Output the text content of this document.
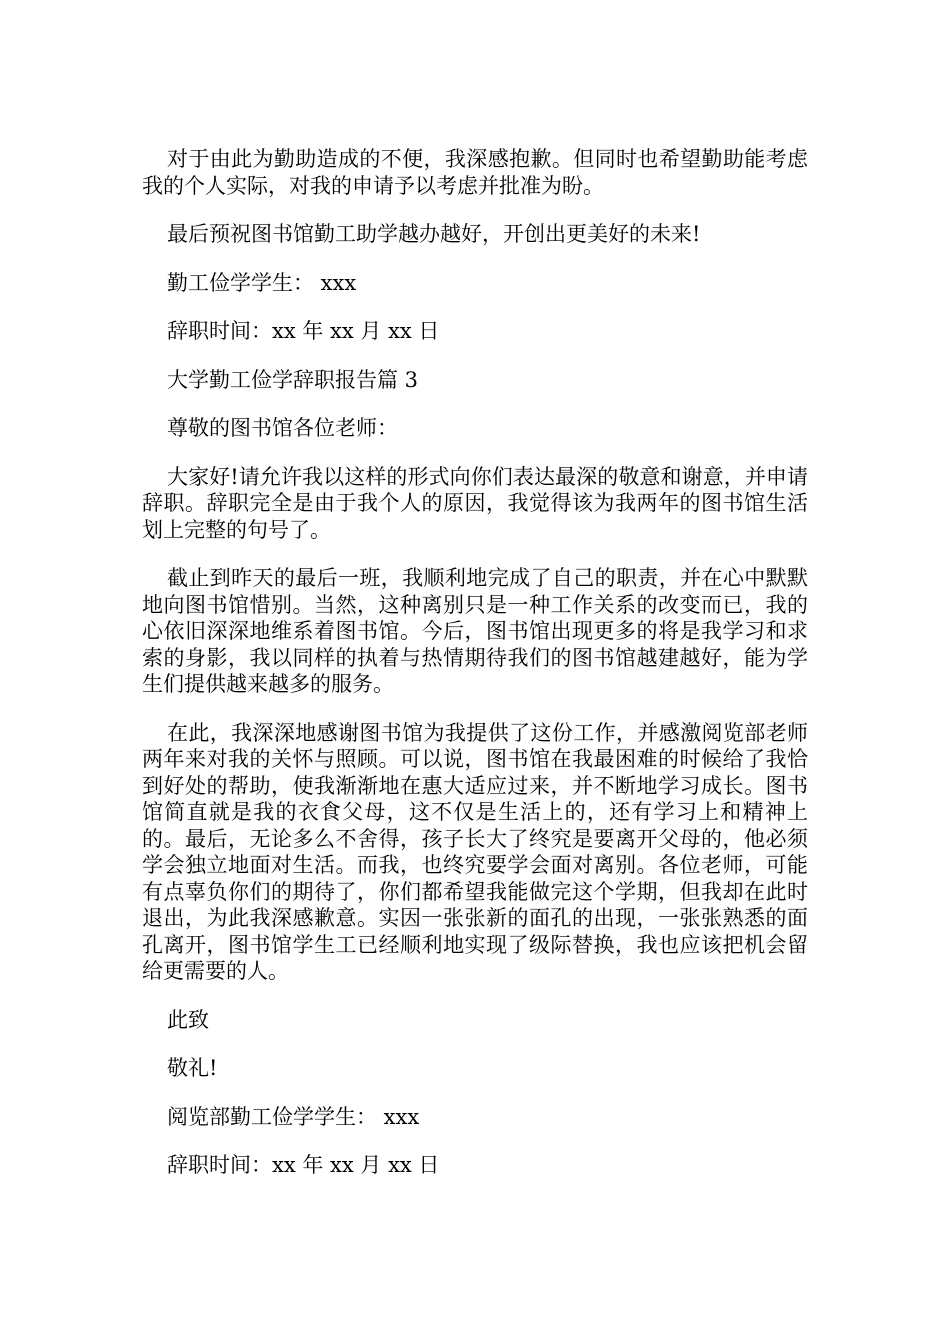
对于由此为勤助造成的不便，我深感抱歉。但同时也希望勤助能考虑我的个人实际，对我的申请予以考虑并批准为盼。

最后预祝图书馆勤工助学越办越好，开创出更美好的未来!

勤工俭学学生： xxx

辞职时间：xx 年 xx 月 xx 日

大学勤工俭学辞职报告篇 3

尊敬的图书馆各位老师：

大家好!请允许我以这样的形式向你们表达最深的敬意和谢意，并申请辞职。辞职完全是由于我个人的原因，我觉得该为我两年的图书馆生活划上完整的句号了。

截止到昨天的最后一班，我顺利地完成了自己的职责，并在心中默默地向图书馆惜别。当然，这种离别只是一种工作关系的改变而已，我的心依旧深深地维系着图书馆。今后，图书馆出现更多的将是我学习和求索的身影，我以同样的执着与热情期待我们的图书馆越建越好，能为学生们提供越来越多的服务。

在此，我深深地感谢图书馆为我提供了这份工作，并感激阅览部老师两年来对我的关怀与照顾。可以说，图书馆在我最困难的时候给了我恰到好处的帮助，使我渐渐地在惠大适应过来，并不断地学习成长。图书馆简直就是我的衣食父母，这不仅是生活上的，还有学习上和精神上的。最后，无论多么不舍得，孩子长大了终究是要离开父母的，他必须学会独立地面对生活。而我，也终究要学会面对离别。各位老师，可能有点辜负你们的期待了，你们都希望我能做完这个学期，但我却在此时退出，为此我深感歉意。实因一张张新的面孔的出现，一张张熟悉的面孔离开，图书馆学生工已经顺利地实现了级际替换，我也应该把机会留给更需要的人。

此致

敬礼!

阅览部勤工俭学学生： xxx

辞职时间：xx 年 xx 月 xx 日
